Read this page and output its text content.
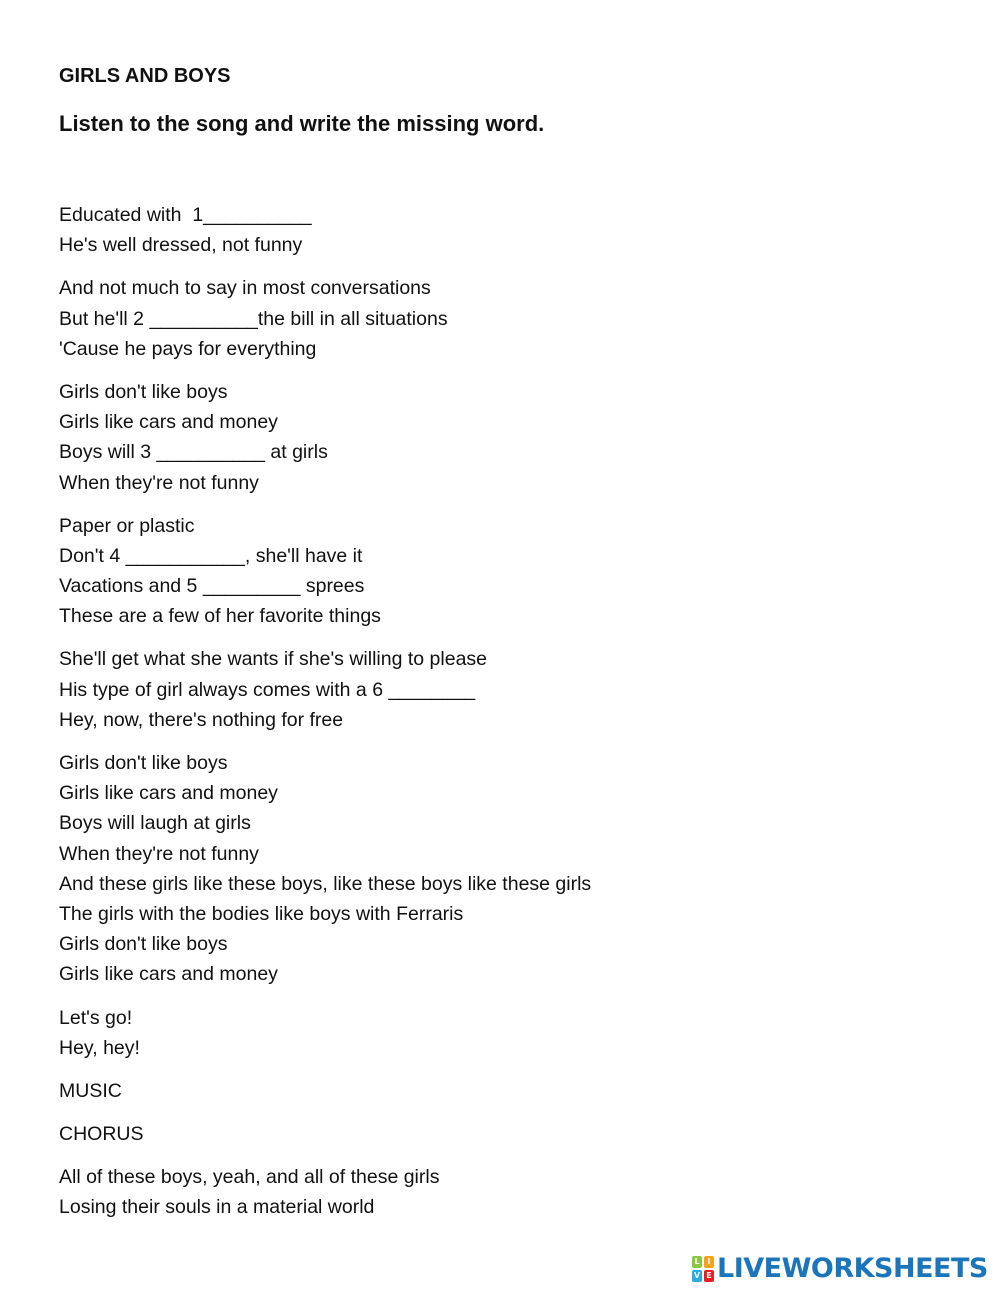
GIRLS AND BOYS
Listen to the song and write the missing word.
Educated with  1__________
He's well dressed, not funny
And not much to say in most conversations
But he'll 2 __________the bill in all situations
'Cause he pays for everything
Girls don't like boys
Girls like cars and money
Boys will 3 __________ at girls
When they're not funny
Paper or plastic
Don't 4 ___________, she'll have it
Vacations and 5 _________ sprees
These are a few of her favorite things
She'll get what she wants if she's willing to please
His type of girl always comes with a 6 ________
Hey, now, there's nothing for free
Girls don't like boys
Girls like cars and money
Boys will laugh at girls
When they're not funny
And these girls like these boys, like these boys like these girls
The girls with the bodies like boys with Ferraris
Girls don't like boys
Girls like cars and money
Let's go!
Hey, hey!
MUSIC
CHORUS
All of these boys, yeah, and all of these girls
Losing their souls in a material world
L I
V E LIVEWORKSHEETS
